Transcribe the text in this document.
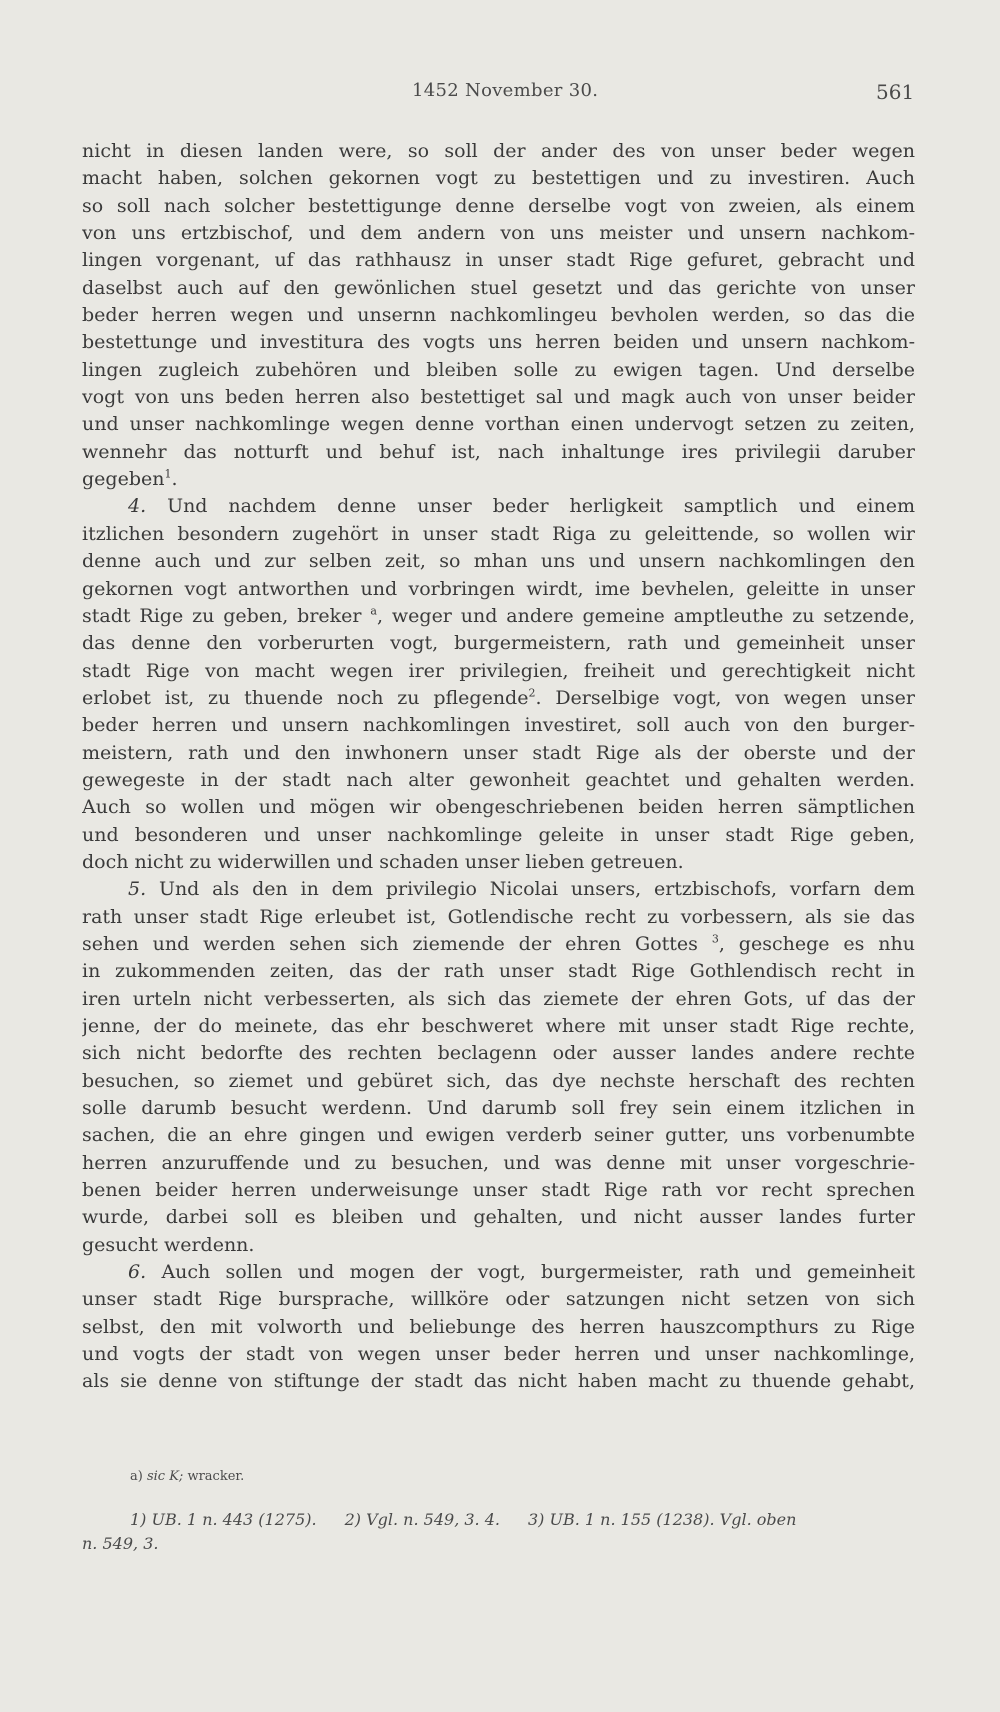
1452 November 30.	561
nicht in diesen landen were, so soll der ander des von unser beder wegen
macht haben, solchen gekornen vogt zu bestettigen und zu investiren. Auch
so soll nach solcher bestettigunge denne derselbe vogt von zweien, als einem
von uns ertzbischof, und dem andern von uns meister und unsern nachkom-
lingen vorgenant, uf das rathhausz in unser stadt Rige gefuret, gebracht und
daselbst auch auf den gewönlichen stuel gesetzt und das gerichte von unser
beder herren wegen und unsernn nachkomlingeu bevholen werden, so das die
bestettunge und investitura des vogts uns herren beiden und unsern nachkom-
lingen zugleich zubehören und bleiben solle zu ewigen tagen. Und derselbe
vogt von uns beden herren also bestettiget sal und magk auch von unser beider
und unser nachkomlinge wegen denne vorthan einen undervogt setzen zu zeiten,
wennehr das notturft und behuf ist, nach inhaltunge ires privilegii daruber
gegeben$^1$.
4. Und nachdem denne unser beder herligkeit samptlich und einem
itzlichen besondern zugehört in unser stadt Riga zu geleittende, so wollen wir
denne auch und zur selben zeit, so mhan uns und unsern nachkomlingen den
gekornen vogt antworthen und vorbringen wirdt, ime bevhelen, geleitte in unser
stadt Rige zu geben, breker $^a$, weger und andere gemeine amptleuthe zu setzende,
das denne den vorberurten vogt, burgermeistern, rath und gemeinheit unser
stadt Rige von macht wegen irer privilegien, freiheit und gerechtigkeit nicht
erlobet ist, zu thuende noch zu pflegende$^2$. Derselbige vogt, von wegen unser
beder herren und unsern nachkomlingen investiret, soll auch von den burger-
meistern, rath und den inwhonern unser stadt Rige als der oberste und der
gewegeste in der stadt nach alter gewonheit geachtet und gehalten werden.
Auch so wollen und mögen wir obengeschriebenen beiden herren sämptlichen
und besonderen und unser nachkomlinge geleite in unser stadt Rige geben,
doch nicht zu widerwillen und schaden unser lieben getreuen.
5. Und als den in dem privilegio Nicolai unsers, ertzbischofs, vorfarn dem
rath unser stadt Rige erleubet ist, Gotlendische recht zu vorbessern, als sie das
sehen und werden sehen sich ziemende der ehren Gottes $^3$, geschege es nhu
in zukommenden zeiten, das der rath unser stadt Rige Gothlendisch recht in
iren urteln nicht verbesserten, als sich das ziemete der ehren Gots, uf das der
jenne, der do meinete, das ehr beschweret where mit unser stadt Rige rechte,
sich nicht bedorfte des rechten beclagenn oder ausser landes andere rechte
besuchen, so ziemet und gebüret sich, das dye nechste herschaft des rechten
solle darumb besucht werdenn. Und darumb soll frey sein einem itzlichen in
sachen, die an ehre gingen und ewigen verderb seiner gutter, uns vorbenumbte
herren anzuruffende und zu besuchen, und was denne mit unser vorgeschrie-
benen beider herren underweisunge unser stadt Rige rath vor recht sprechen
wurde, darbei soll es bleiben und gehalten, und nicht ausser landes furter
gesucht werdenn.
6. Auch sollen und mogen der vogt, burgermeister, rath und gemeinheit
unser stadt Rige bursprache, willköre oder satzungen nicht setzen von sich
selbst, den mit volworth und beliebunge des herren hauszcompthurs zu Rige
und vogts der stadt von wegen unser beder herren und unser nachkomlinge,
als sie denne von stiftunge der stadt das nicht haben macht zu thuende gehabt,
a) sic K; wracker.
1) UB. 1 n. 443 (1275). 2) Vgl. n. 549, 3. 4. 3) UB. 1 n. 155 (1238). Vgl. oben
n. 549, 3.
